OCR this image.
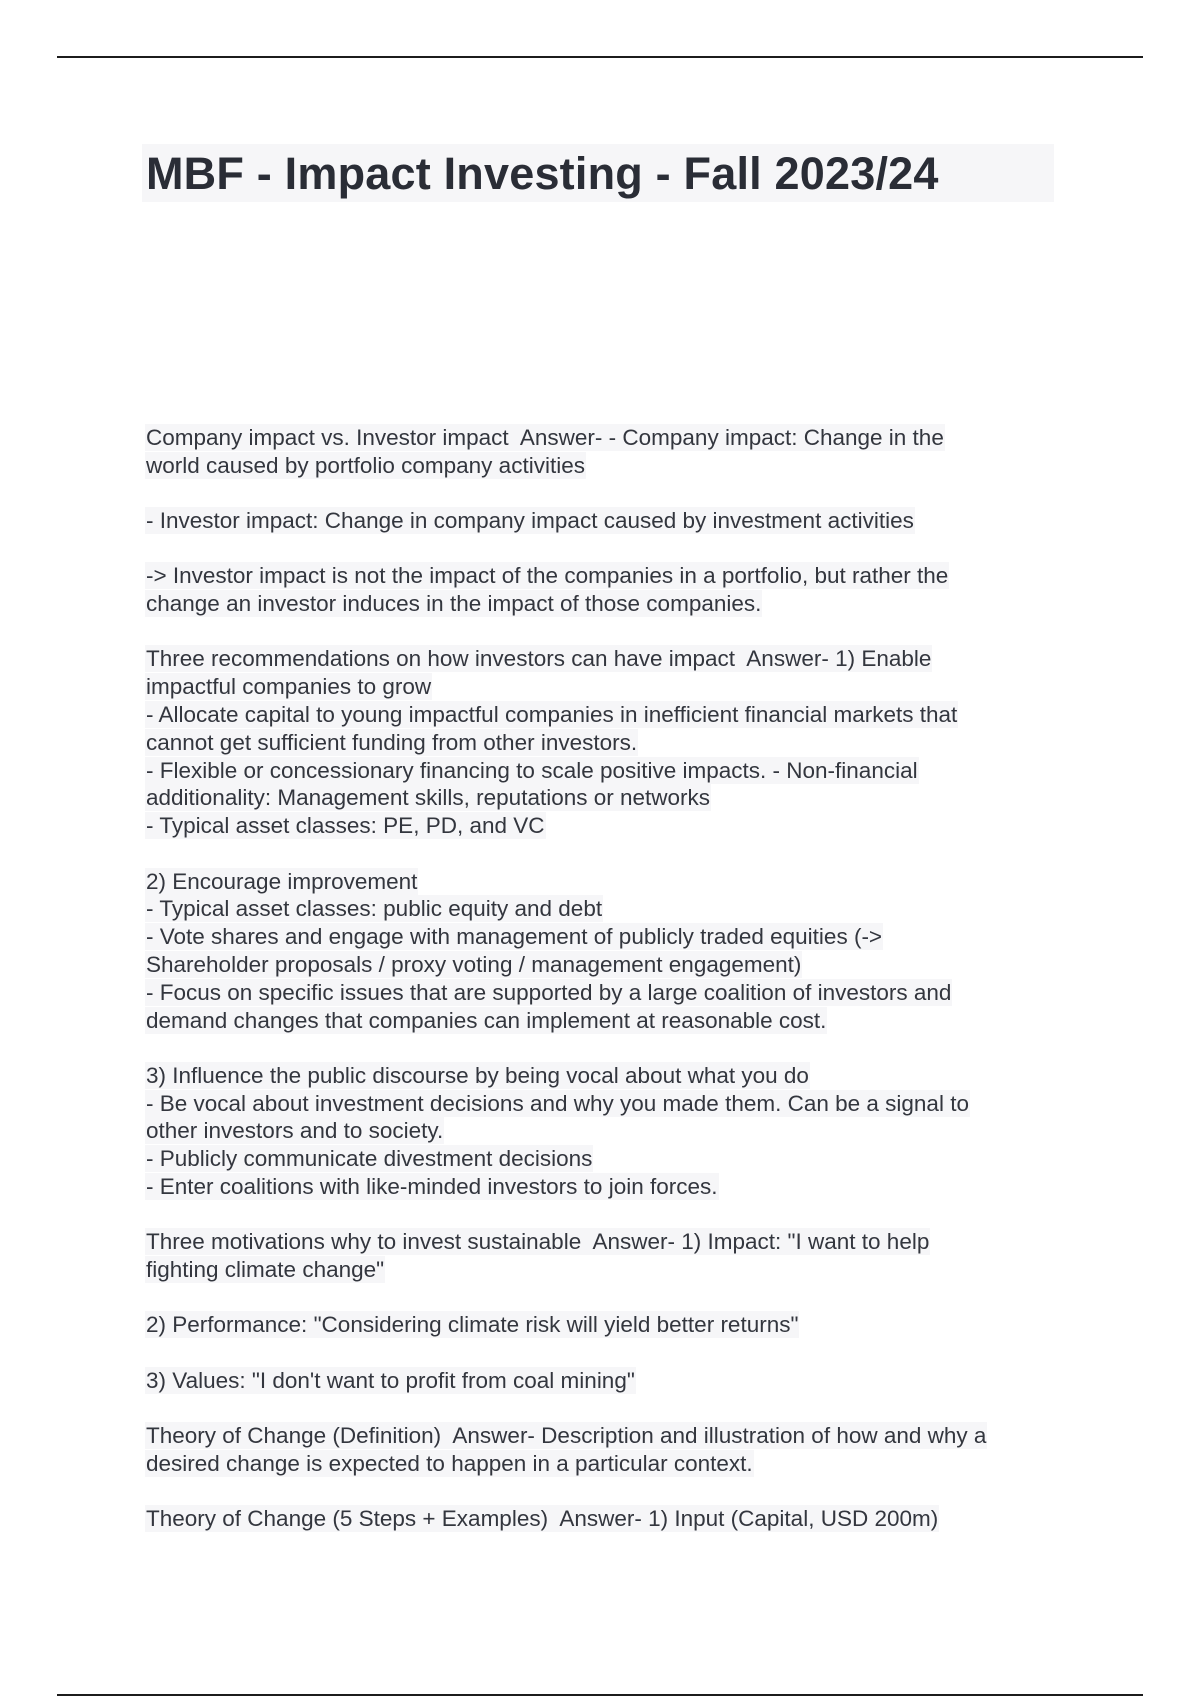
MBF - Impact Investing - Fall 2023/24
Company impact vs. Investor impact  Answer- - Company impact: Change in the
world caused by portfolio company activities
- Investor impact: Change in company impact caused by investment activities
-> Investor impact is not the impact of the companies in a portfolio, but rather the
change an investor induces in the impact of those companies.
Three recommendations on how investors can have impact  Answer- 1) Enable
impactful companies to grow
- Allocate capital to young impactful companies in inefficient financial markets that
cannot get sufficient funding from other investors.
- Flexible or concessionary financing to scale positive impacts. - Non-financial
additionality: Management skills, reputations or networks
- Typical asset classes: PE, PD, and VC
2) Encourage improvement
- Typical asset classes: public equity and debt
- Vote shares and engage with management of publicly traded equities (->
Shareholder proposals / proxy voting / management engagement)
- Focus on specific issues that are supported by a large coalition of investors and
demand changes that companies can implement at reasonable cost.
3) Influence the public discourse by being vocal about what you do
- Be vocal about investment decisions and why you made them. Can be a signal to
other investors and to society.
- Publicly communicate divestment decisions
- Enter coalitions with like-minded investors to join forces.
Three motivations why to invest sustainable  Answer- 1) Impact: "I want to help
fighting climate change"
2) Performance: "Considering climate risk will yield better returns"
3) Values: "I don't want to profit from coal mining"
Theory of Change (Definition)  Answer- Description and illustration of how and why a
desired change is expected to happen in a particular context.
Theory of Change (5 Steps + Examples)  Answer- 1) Input (Capital, USD 200m)
